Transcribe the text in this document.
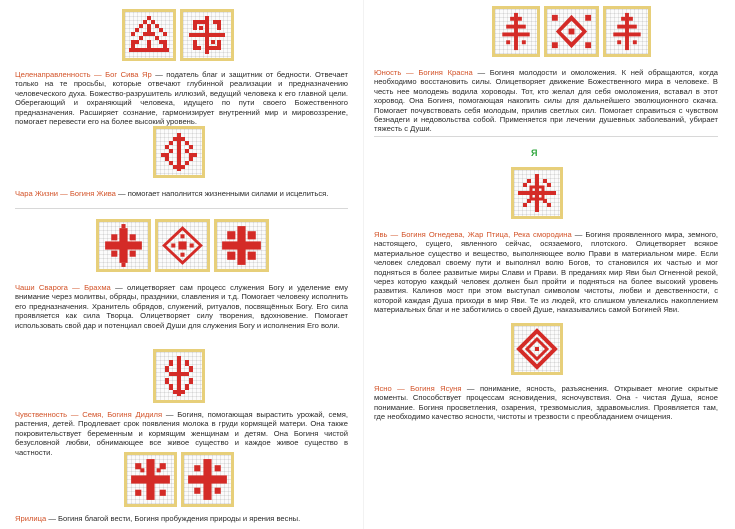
Целенаправленность — Бог Сива Яр — податель благ и защитник от бедности. Отвечает только на те просьбы, которые отвечают глубинной реализации и предназначению человеческого духа. Божество-разрушитель иллюзий, ведущий человека к его главной цели. Оберегающий и охраняющий человека, идущего по пути своего Божественного предназначения. Расширяет сознание, гармонизирует внутренний мир и мировоззрение, помогает перевести его на более высокий уровень.

Чара Жизни — Богиня Жива — помогает наполнится жизненными силами и исцелиться.

Чаши Сварога — Брахма — олицетворяет сам процесс служения Богу и уделение ему внимание через молитвы, обряды, праздники, славления и т.д. Помогает человеку исполнить его предназначения. Хранитель обрядов, служений, ритуалов, посвящённых Богу. Его сила проявляется как сила Творца. Олицетворяет силу творения, вдохновение. Помогает использовать свой дар и потенциал своей Души для служения Богу и исполнения Его воли.

Чувственность — Семя, Богиня Дидиля — Богиня, помогающая вырастить урожай, семя, растения, детей. Продлевает срок появления молока в груди кормящей матери. Она также покровительствует беременным и кормящим женщинам и детям. Она Богиня чистой безусловной любви, обнимающее все живое существо и каждое живое существо в частности.

Ярилица — Богиня благой вести, Богиня пробуждения природы и ярения весны.

Юность — Богиня Красна — Богиня молодости и омоложения. К ней обращаются, когда необходимо восстановить силы. Олицетворяет движение Божественного мира в человеке. В честь нее молодежь водила хороводы. Тот, кто желал для себя омоложения, вставал в этот хоровод. Она Богиня, помогающая накопить силы для дальнейшего эволюционного скачка. Помогает почувствовать себя молодым, прилив светлых сил. Помогает справиться с чувством безнадеги и недовольства собой. Применяется при лечении душевных заболеваний, убирает тяжесть с Души.

Я

Явь — Богиня Огнедева, Жар Птица, Река смородина — Богиня проявленного мира, земного, настоящего, сущего, явленного сейчас, осязаемого, плотского. Олицетворяет всякое материальное существо и вещество, выполняющее волю Прави в материальном мире. Если человек следовал своему пути и выполнял волю Богов, то становился их частью и мог подняться в более развитые миры Слави и Прави. В преданиях мир Яви был Огненной рекой, через которую каждый человек должен был пройти и подняться на более высокий уровень развития. Калинов мост при этом выступал символом чистоты, любви и девственности, с которой каждая Душа приходи в мир Яви. Те из людей, кто слишком увлекались накоплением материальных благ и не заботились о своей Душе, наказывались самой Богиней Яви.

Ясно — Богиня Ясуня — понимание, ясность, разъяснения. Открывает многие скрытые моменты. Способствует процессам ясновидения, ясночувствия. Она - чистая Душа, ясное понимание. Богиня просветления, озарения, трезвомыслия, здравомыслия. Проявляется там, где необходимо качество ясности, чистоты и трезвости с преобладанием очищения.
